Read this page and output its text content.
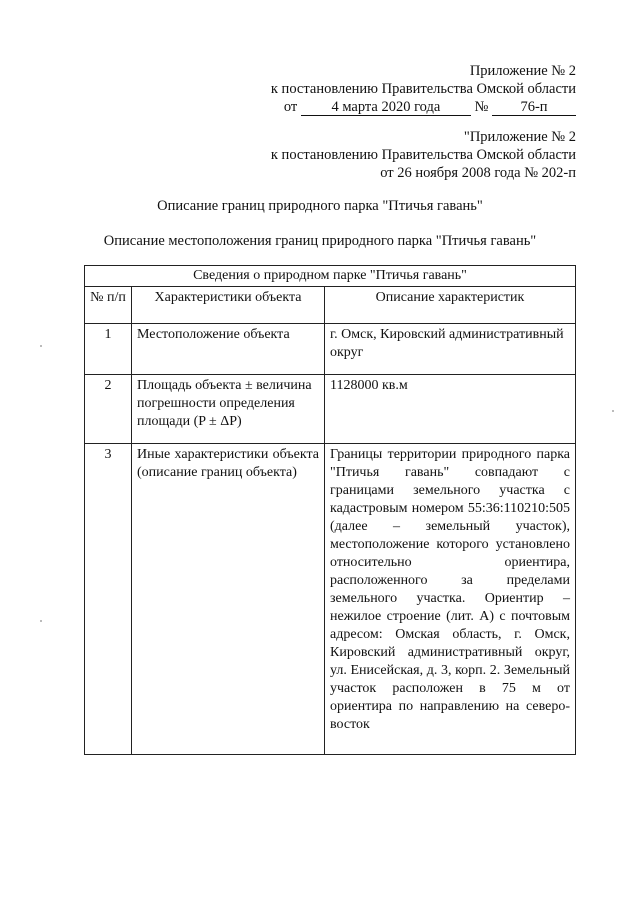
Приложение № 2
к постановлению Правительства Омской области
от 4 марта 2020 года № 76-п
"Приложение № 2
к постановлению Правительства Омской области
от 26 ноября 2008 года № 202-п
Описание границ природного парка "Птичья гавань"
Описание местоположения границ природного парка "Птичья гавань"
Сведения о природном парке "Птичья гавань"		
№ п/п	Характеристики объекта	Описание характеристик
1	Местоположение объекта	г. Омск, Кировский административный округ
2	Площадь объекта ± величина погрешности определения площади (P ± ΔP)	1128000 кв.м
3	Иные характеристики объекта (описание границ объекта)	Границы территории природного парка "Птичья гавань" совпадают с границами земельного участка с кадастровым номером 55:36:110210:505 (далее – земельный участок), местоположение которого установлено относительно ориентира, расположенного за пределами земельного участка. Ориентир – нежилое строение (лит. А) с почтовым адресом: Омская область, г. Омск, Кировский административный округ, ул. Енисейская, д. 3, корп. 2. Земельный участок расположен в 75 м от ориентира по направлению на северо-восток
